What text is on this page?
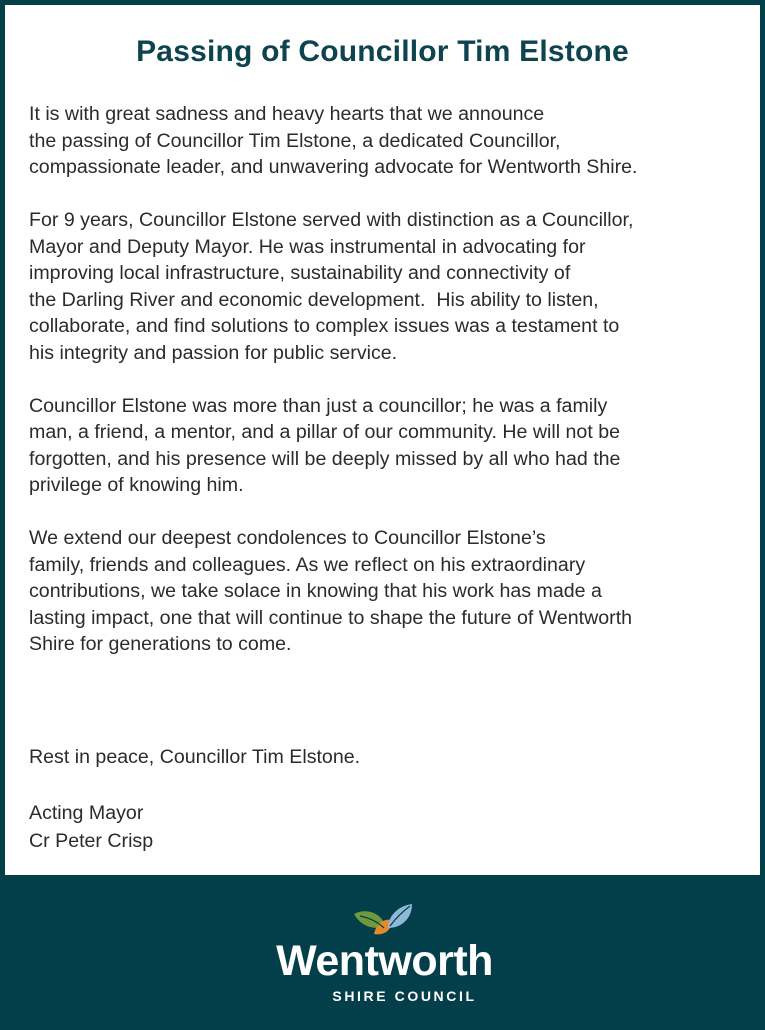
Passing of Councillor Tim Elstone

It is with great sadness and heavy hearts that we announce
the passing of Councillor Tim Elstone, a dedicated Councillor,
compassionate leader, and unwavering advocate for Wentworth Shire.

For 9 years, Councillor Elstone served with distinction as a Councillor,
Mayor and Deputy Mayor. He was instrumental in advocating for
improving local infrastructure, sustainability and connectivity of
the Darling River and economic development.  His ability to listen,
collaborate, and find solutions to complex issues was a testament to
his integrity and passion for public service.

Councillor Elstone was more than just a councillor; he was a family
man, a friend, a mentor, and a pillar of our community. He will not be
forgotten, and his presence will be deeply missed by all who had the
privilege of knowing him.

We extend our deepest condolences to Councillor Elstone’s
family, friends and colleagues. As we reflect on his extraordinary
contributions, we take solace in knowing that his work has made a
lasting impact, one that will continue to shape the future of Wentworth
Shire for generations to come.

Rest in peace, Councillor Tim Elstone.
Acting Mayor
Cr Peter Crisp
Wentworth
SHIRE COUNCIL
